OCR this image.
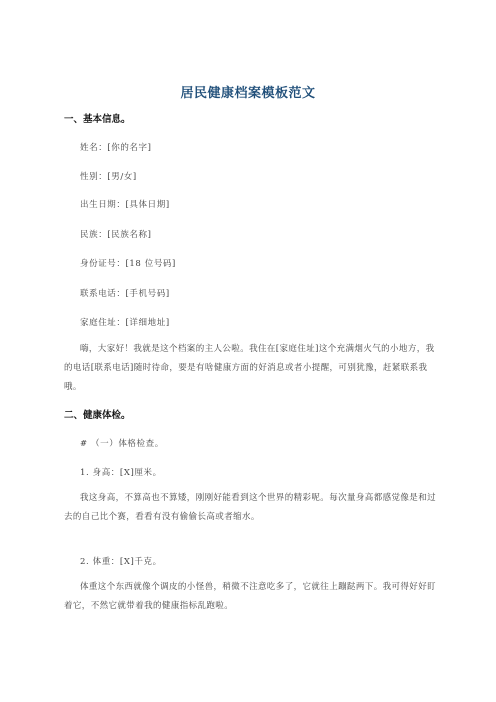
居民健康档案模板范文
一、基本信息。
姓名：[你的名字]
性别：[男/女]
出生日期：[具体日期]
民族：[民族名称]
身份证号：[18 位号码]
联系电话：[手机号码]
家庭住址：[详细地址]
嗨，大家好！我就是这个档案的主人公啦。我住在[家庭住址]这个充满烟火气的小地方，我的电话[联系电话]随时待命，要是有啥健康方面的好消息或者小提醒，可别犹豫，赶紧联系我哦。
二、健康体检。
# （一）体格检查。
1. 身高：[X]厘米。
我这身高，不算高也不算矮，刚刚好能看到这个世界的精彩呢。每次量身高都感觉像是和过去的自己比个赛，看看有没有偷偷长高或者缩水。
2. 体重：[X]千克。
体重这个东西就像个调皮的小怪兽，稍微不注意吃多了，它就往上蹦跶两下。我可得好好盯着它，不然它就带着我的健康指标乱跑啦。
